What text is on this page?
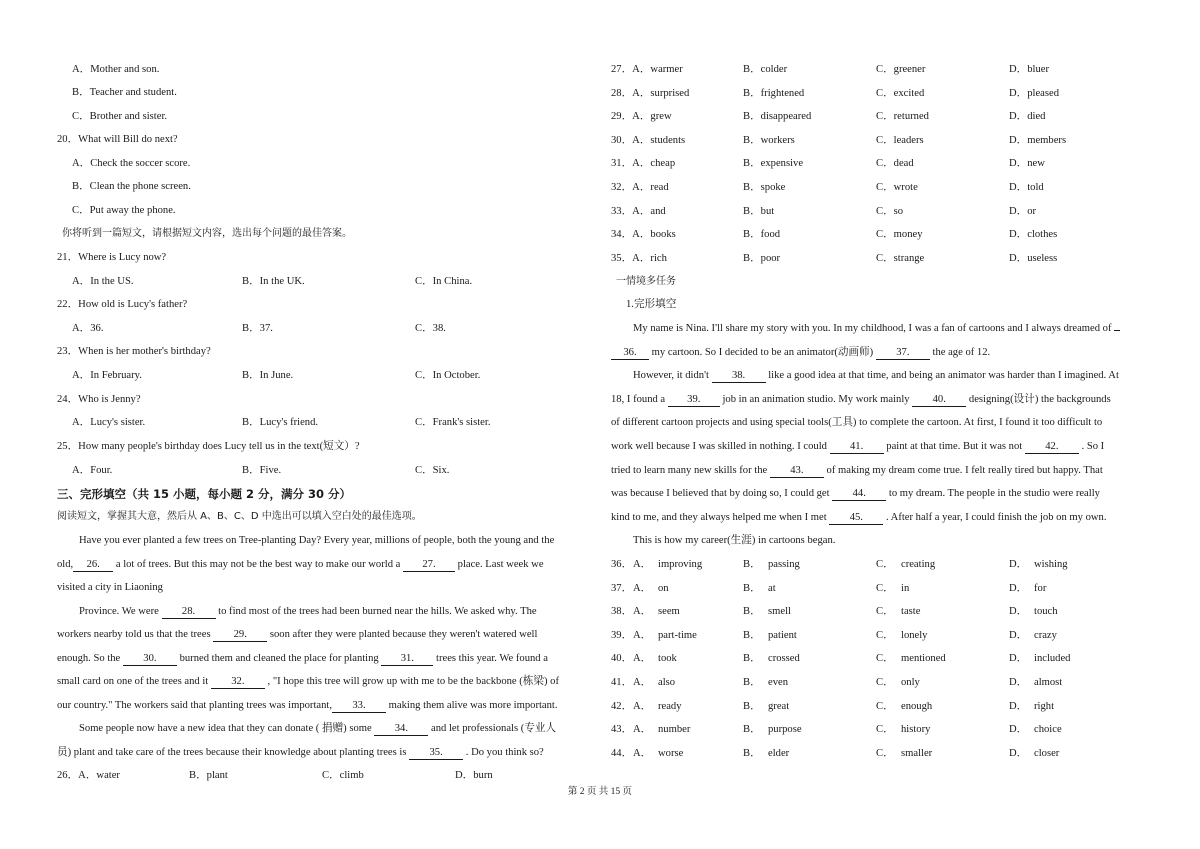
A．Mother and son.
B．Teacher and student.
C．Brother and sister.
20．What will Bill do next?
A．Check the soccer score.
B．Clean the phone screen.
C．Put away the phone.
你将听到一篇短文，请根据短文内容，选出每个问题的最佳答案。
21．Where is Lucy now?
A．In the US.	B．In the UK.	C．In China.
22．How old is Lucy's father?
A．36.	B．37.	C．38.
23．When is her mother's birthday?
A．In February.	B．In June.	C．In October.
24．Who is Jenny?
A．Lucy's sister.	B．Lucy's friend.	C．Frank's sister.
25．How many people's birthday does Lucy tell us in the text(短文）?
A．Four.	B．Five.	C．Six.
三、完形填空（共 15 小题，每小题 2 分，满分 30 分）
阅读短文，掌握其大意，然后从 A、B、C、D 中选出可以填入空白处的最佳选项。
Have you ever planted a few trees on Tree-planting Day? Every year, millions of people, both the young and the
old, 26. a lot of trees. But this may not be the best way to make our world a 27. place. Last week we
visited a city in Liaoning
Province. We were 28. to find most of the trees had been burned near the hills. We asked why. The
workers nearby told us that the trees 29. soon after they were planted because they weren't watered well
enough. So the 30. burned them and cleaned the place for planting 31. trees this year. We found a
small card on one of the trees and it 32. , "I hope this tree will grow up with me to be the backbone (栋梁) of
our country." The workers said that planting trees was important, 33. making them alive was more important.
Some people now have a new idea that they can donate ( 捐赠) some 34. and let professionals (专业人
员) plant and take care of the trees because their knowledge about planting trees is 35. . Do you think so?
26．A．water	B．plant	C．climb	D．burn
27．A．warmer	B．colder	C．greener	D．bluer
28．A．surprised	B．frightened	C．excited	D．pleased
29．A．grew	B．disappeared	C．returned	D．died
30．A．students	B．workers	C．leaders	D．members
31．A．cheap	B．expensive	C．dead	D．new
32．A．read	B．spoke	C．wrote	D．told
33．A．and	B．but	C．so	D．or
34．A．books	B．food	C．money	D．clothes
35．A．rich	B．poor	C．strange	D．useless
一情境多任务
1.完形填空
My name is Nina. I'll share my story with you. In my childhood, I was a fan of cartoons and I always dreamed of
36. my cartoon. So I decided to be an animator(动画师) 37. the age of 12.
However, it didn't 38. like a good idea at that time, and being an animator was harder than I imagined. At
18, I found a 39. job in an animation studio. My work mainly 40. designing(设计) the backgrounds
of different cartoon projects and using special tools(工具) to complete the cartoon. At first, I found it too difficult to
work well because I was skilled in nothing. I could 41. paint at that time. But it was not 42. . So I
tried to learn many new skills for the 43. of making my dream come true. I felt really tired but happy. That
was because I believed that by doing so, I could get 44. to my dream. The people in the studio were really
kind to me, and they always helped me when I met 45. . After half a year, I could finish the job on my own.
This is how my career(生涯) in cartoons began.
36． A． improving	B． passing	C． creating	D． wishing
37． A． on	B． at	C． in	D． for
38． A． seem	B． smell	C． taste	D． touch
39． A． part-time	B． patient	C． lonely	D． crazy
40． A． took	B． crossed	C． mentioned	D． included
41． A． also	B． even	C． only	D． almost
42． A． ready	B． great	C． enough	D． right
43． A． number	B． purpose	C． history	D． choice
44． A． worse	B． elder	C． smaller	D． closer
第 2 页 共 15 页
